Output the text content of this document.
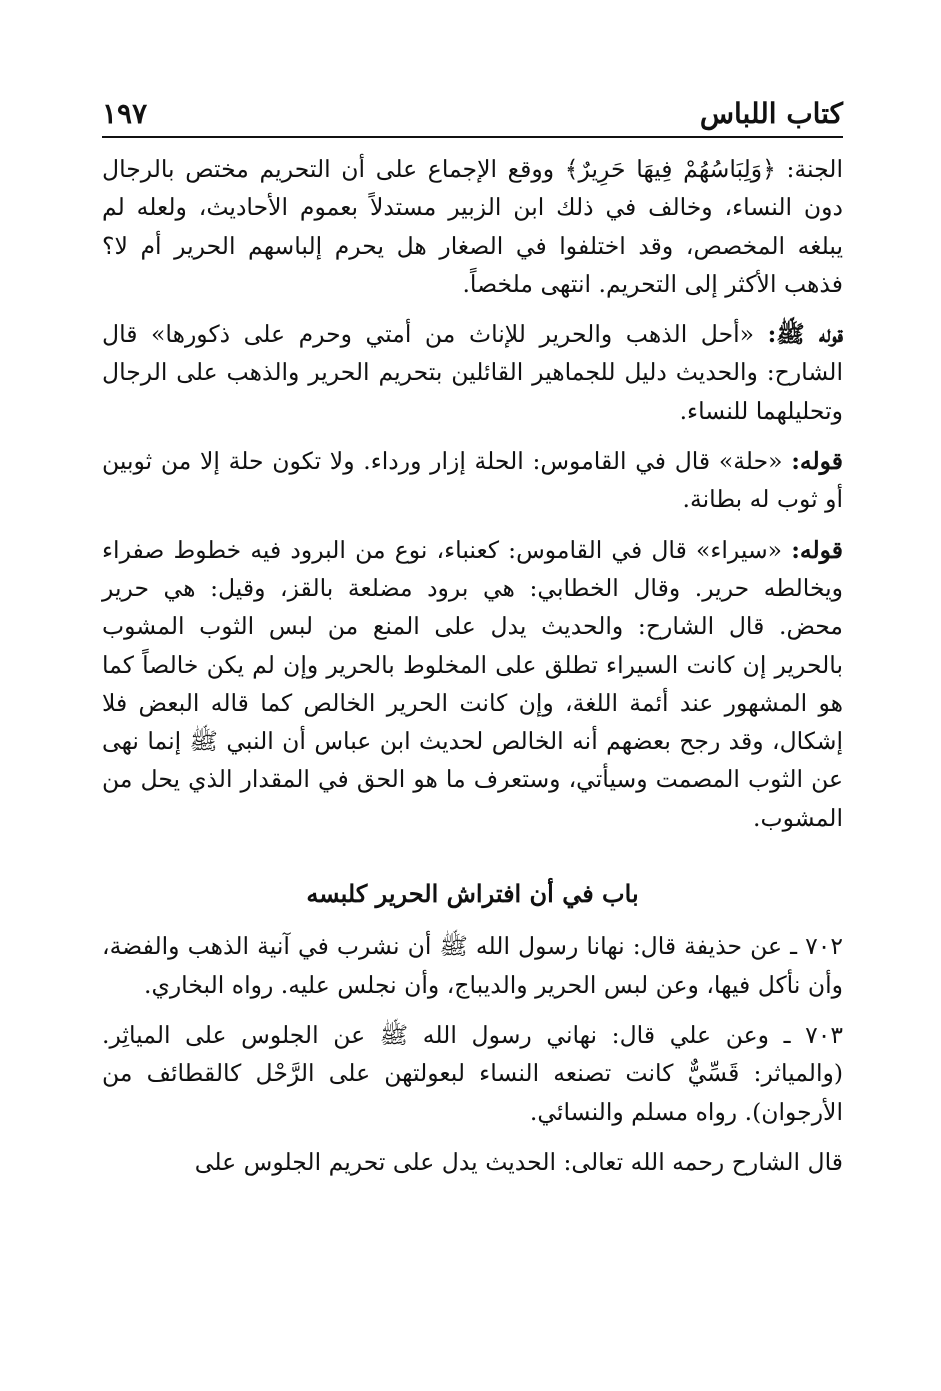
كتاب اللباس
١٩٧

الجنة: ﴿وَلِبَاسُهُمْ فِيهَا حَرِيرٌ﴾ ووقع الإجماع على أن التحريم مختص بالرجال دون النساء، وخالف في ذلك ابن الزبير مستدلاً بعموم الأحاديث، ولعله لم يبلغه المخصص، وقد اختلفوا في الصغار هل يحرم إلباسهم الحرير أم لا؟ فذهب الأكثر إلى التحريم. انتهى ملخصاً.

قوله ﷺ: «أحل الذهب والحرير للإناث من أمتي وحرم على ذكورها» قال الشارح: والحديث دليل للجماهير القائلين بتحريم الحرير والذهب على الرجال وتحليلهما للنساء.

قوله: «حلة» قال في القاموس: الحلة إزار ورداء. ولا تكون حلة إلا من ثوبين أو ثوب له بطانة.

قوله: «سيراء» قال في القاموس: كعنباء، نوع من البرود فيه خطوط صفراء ويخالطه حرير. وقال الخطابي: هي برود مضلعة بالقز، وقيل: هي حرير محض. قال الشارح: والحديث يدل على المنع من لبس الثوب المشوب بالحرير إن كانت السيراء تطلق على المخلوط بالحرير وإن لم يكن خالصاً كما هو المشهور عند أئمة اللغة، وإن كانت الحرير الخالص كما قاله البعض فلا إشكال، وقد رجح بعضهم أنه الخالص لحديث ابن عباس أن النبي ﷺ إنما نهى عن الثوب المصمت وسيأتي، وستعرف ما هو الحق في المقدار الذي يحل من المشوب.

باب في أن افتراش الحرير كلبسه

٧٠٢ ـ عن حذيفة قال: نهانا رسول الله ﷺ أن نشرب في آنية الذهب والفضة، وأن نأكل فيها، وعن لبس الحرير والديباج، وأن نجلس عليه. رواه البخاري.

٧٠٣ ـ وعن علي قال: نهاني رسول الله ﷺ عن الجلوس على المياثِر. (والمياثر: قَسِّيٌّ كانت تصنعه النساء لبعولتهن على الرَّحْل كالقطائف من الأرجوان). رواه مسلم والنسائي.

قال الشارح رحمه الله تعالى: الحديث يدل على تحريم الجلوس على
